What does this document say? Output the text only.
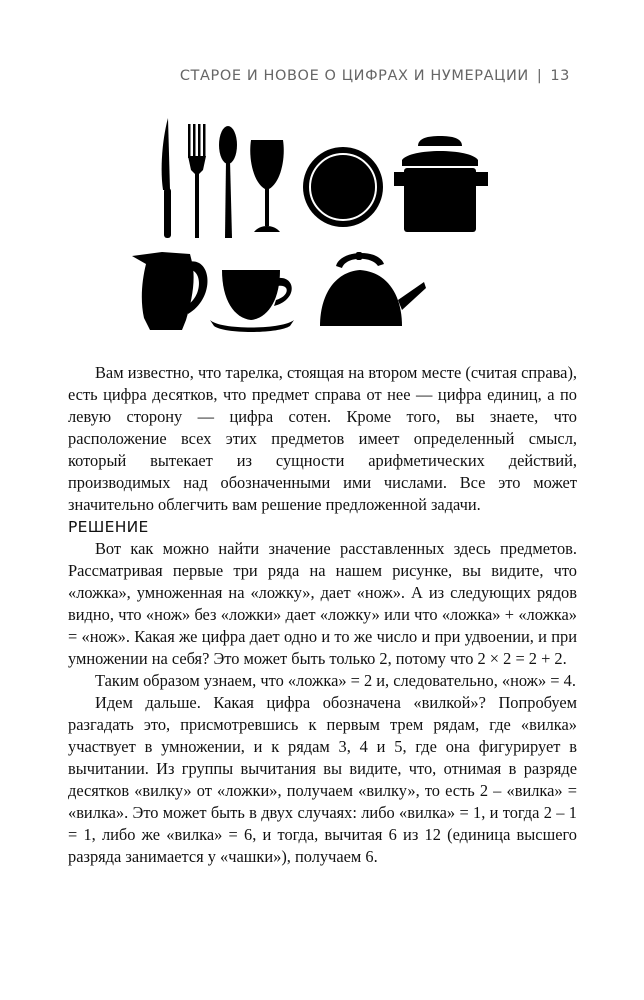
СТАРОЕ И НОВОЕ О ЦИФРАХ И НУМЕРАЦИИ | 13

Вам известно, что тарелка, стоящая на втором месте (считая справа), есть цифра десятков, что предмет справа от нее — цифра единиц, а по левую сторону — цифра сотен. Кроме того, вы знаете, что расположение всех этих предметов имеет определенный смысл, который вытекает из сущности арифметических действий, производимых над обозначенными ими числами. Все это может значительно облегчить вам решение предложенной задачи.

РЕШЕНИЕ

Вот как можно найти значение расставленных здесь предметов. Рассматривая первые три ряда на нашем рисунке, вы видите, что «ложка», умноженная на «ложку», дает «нож». А из следующих рядов видно, что «нож» без «ложки» дает «ложку» или что «ложка» + «ложка» = «нож». Какая же цифра дает одно и то же число и при удвоении, и при умножении на себя? Это может быть только 2, потому что 2 × 2 = 2 + 2.

Таким образом узнаем, что «ложка» = 2 и, следовательно, «нож» = 4.

Идем дальше. Какая цифра обозначена «вилкой»? Попробуем разгадать это, присмотревшись к первым трем рядам, где «вилка» участвует в умножении, и к рядам 3, 4 и 5, где она фигурирует в вычитании. Из группы вычитания вы видите, что, отнимая в разряде десятков «вилку» от «ложки», получаем «вилку», то есть 2 – «вилка» = «вилка». Это может быть в двух случаях: либо «вилка» = 1, и тогда 2 – 1 = 1, либо же «вилка» = 6, и тогда, вычитая 6 из 12 (единица высшего разряда занимается у «чашки»), получаем 6.
